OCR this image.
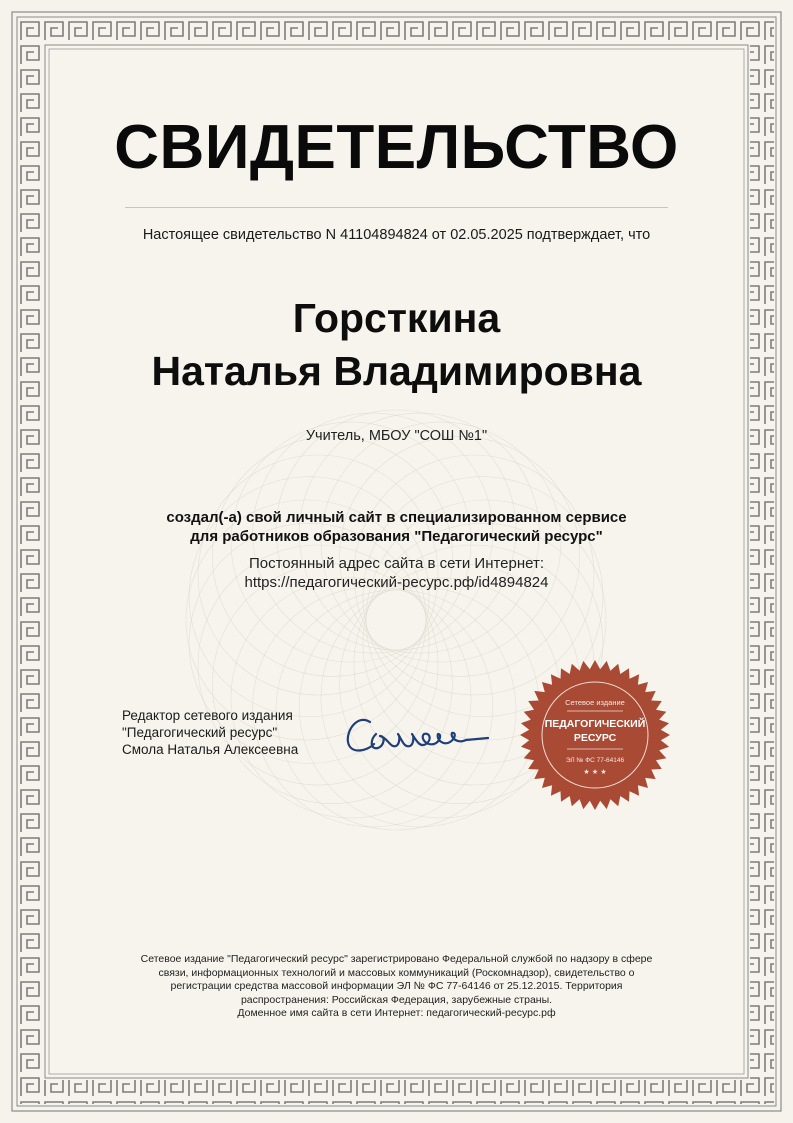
СВИДЕТЕЛЬСТВО
Настоящее свидетельство N 41104894824 от 02.05.2025 подтверждает, что
Горсткина
Наталья Владимировна
Учитель, МБОУ "СОШ №1"
создал(-а) свой личный сайт в специализированном сервисе
для работников образования "Педагогический ресурс"
Постоянный адрес сайта в сети Интернет:
https://педагогический-ресурс.рф/id4894824
Редактор сетевого издания
"Педагогический ресурс"
Смола Наталья Алексеевна
Сетевое издание
ПЕДАГОГИЧЕСКИЙ
РЕСУРС
ЭЛ № ФС 77-64146
★ ★ ★
Сетевое издание "Педагогический ресурс" зарегистрировано Федеральной службой по надзору в сфере
связи, информационных технологий и массовых коммуникаций (Роскомнадзор), свидетельство о
регистрации средства массовой информации ЭЛ № ФС 77-64146 от 25.12.2015. Территория
распространения: Российская Федерация, зарубежные страны.
Доменное имя сайта в сети Интернет: педагогический-ресурс.рф
